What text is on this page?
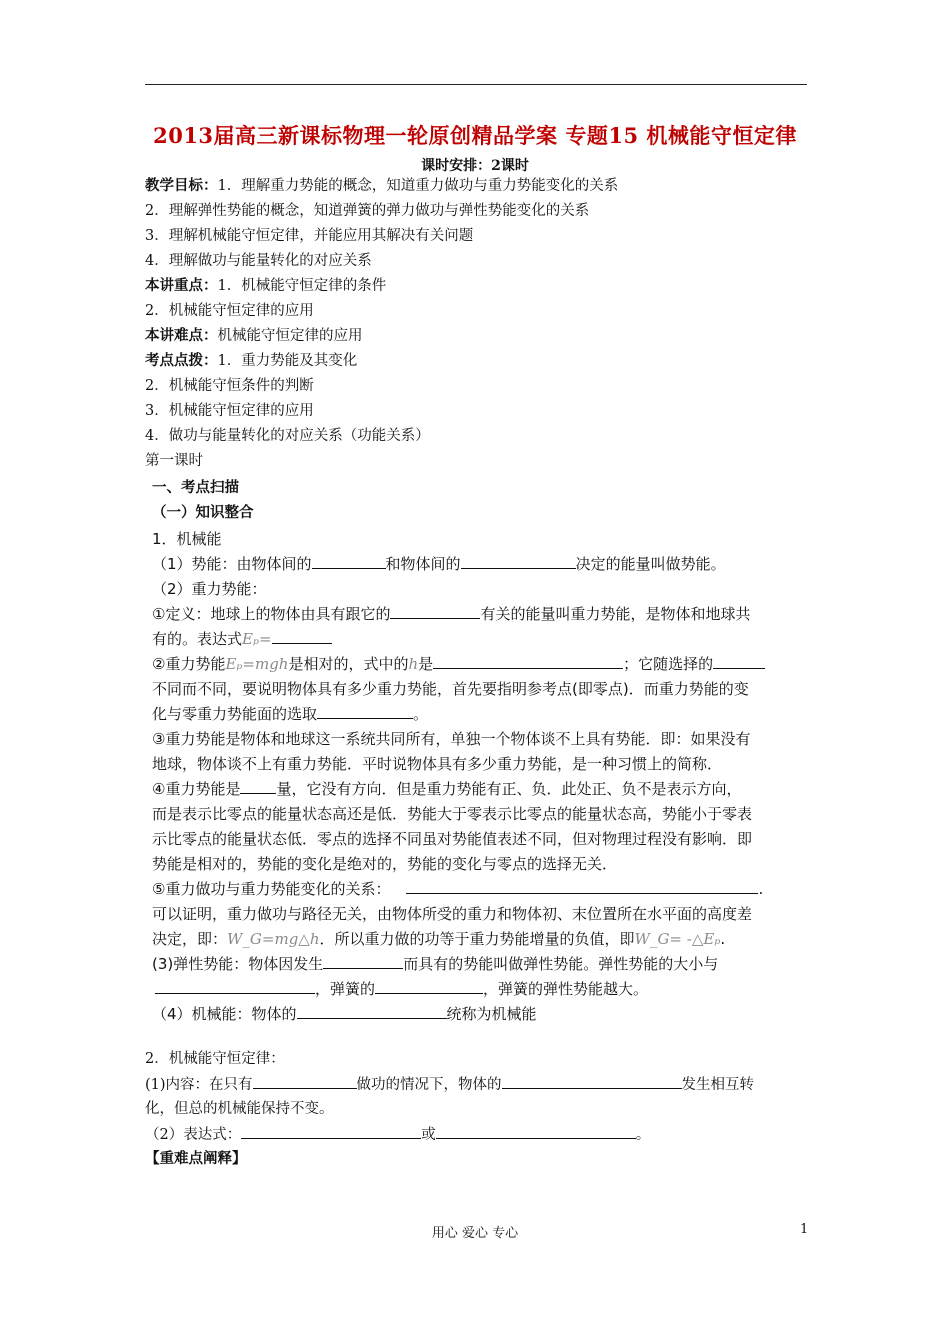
2013届高三新课标物理一轮原创精品学案 专题15 机械能守恒定律
课时安排：2课时
教学目标：1．理解重力势能的概念，知道重力做功与重力势能变化的关系
2．理解弹性势能的概念，知道弹簧的弹力做功与弹性势能变化的关系
3．理解机械能守恒定律，并能应用其解决有关问题
4．理解做功与能量转化的对应关系
本讲重点：1．机械能守恒定律的条件
2．机械能守恒定律的应用
本讲难点：机械能守恒定律的应用
考点点拨：1．重力势能及其变化
2．机械能守恒条件的判断
3．机械能守恒定律的应用
4．做功与能量转化的对应关系（功能关系）
第一课时
一、考点扫描
（一）知识整合
1．机械能
（1）势能：由物体间的	和物体间的	决定的能量叫做势能。
（2）重力势能：
①定义：地球上的物体由具有跟它的	有关的能量叫重力势能，是物体和地球共
有的。表达式Eₚ=
②重力势能Eₚ=mgh是相对的，式中的h是	；它随选择的
不同而不同，要说明物体具有多少重力势能，首先要指明参考点(即零点)．而重力势能的变
化与零重力势能面的选取	。
③重力势能是物体和地球这一系统共同所有，单独一个物体谈不上具有势能．即：如果没有
地球，物体谈不上有重力势能．平时说物体具有多少重力势能，是一种习惯上的简称．
④重力势能是 量，它没有方向．但是重力势能有正、负．此处正、负不是表示方向，
而是表示比零点的能量状态高还是低．势能大于零表示比零点的能量状态高，势能小于零表
示比零点的能量状态低．零点的选择不同虽对势能值表述不同，但对物理过程没有影响．即
势能是相对的，势能的变化是绝对的，势能的变化与零点的选择无关．
⑤重力做功与重力势能变化的关系：	.
可以证明，重力做功与路径无关，由物体所受的重力和物体初、末位置所在水平面的高度差
决定，即：W_G=mg△h．所以重力做的功等于重力势能增量的负值，即W_G= -△Eₚ.
(3)弹性势能：物体因发生	而具有的势能叫做弹性势能。弹性势能的大小与
，弹簧的	，弹簧的弹性势能越大。
（4）机械能：物体的	统称为机械能
2．机械能守恒定律：
(1)内容：在只有	做功的情况下，物体的	发生相互转
化，但总的机械能保持不变。
（2）表达式：	或	。
【重难点阐释】
用心 爱心 专心	1
